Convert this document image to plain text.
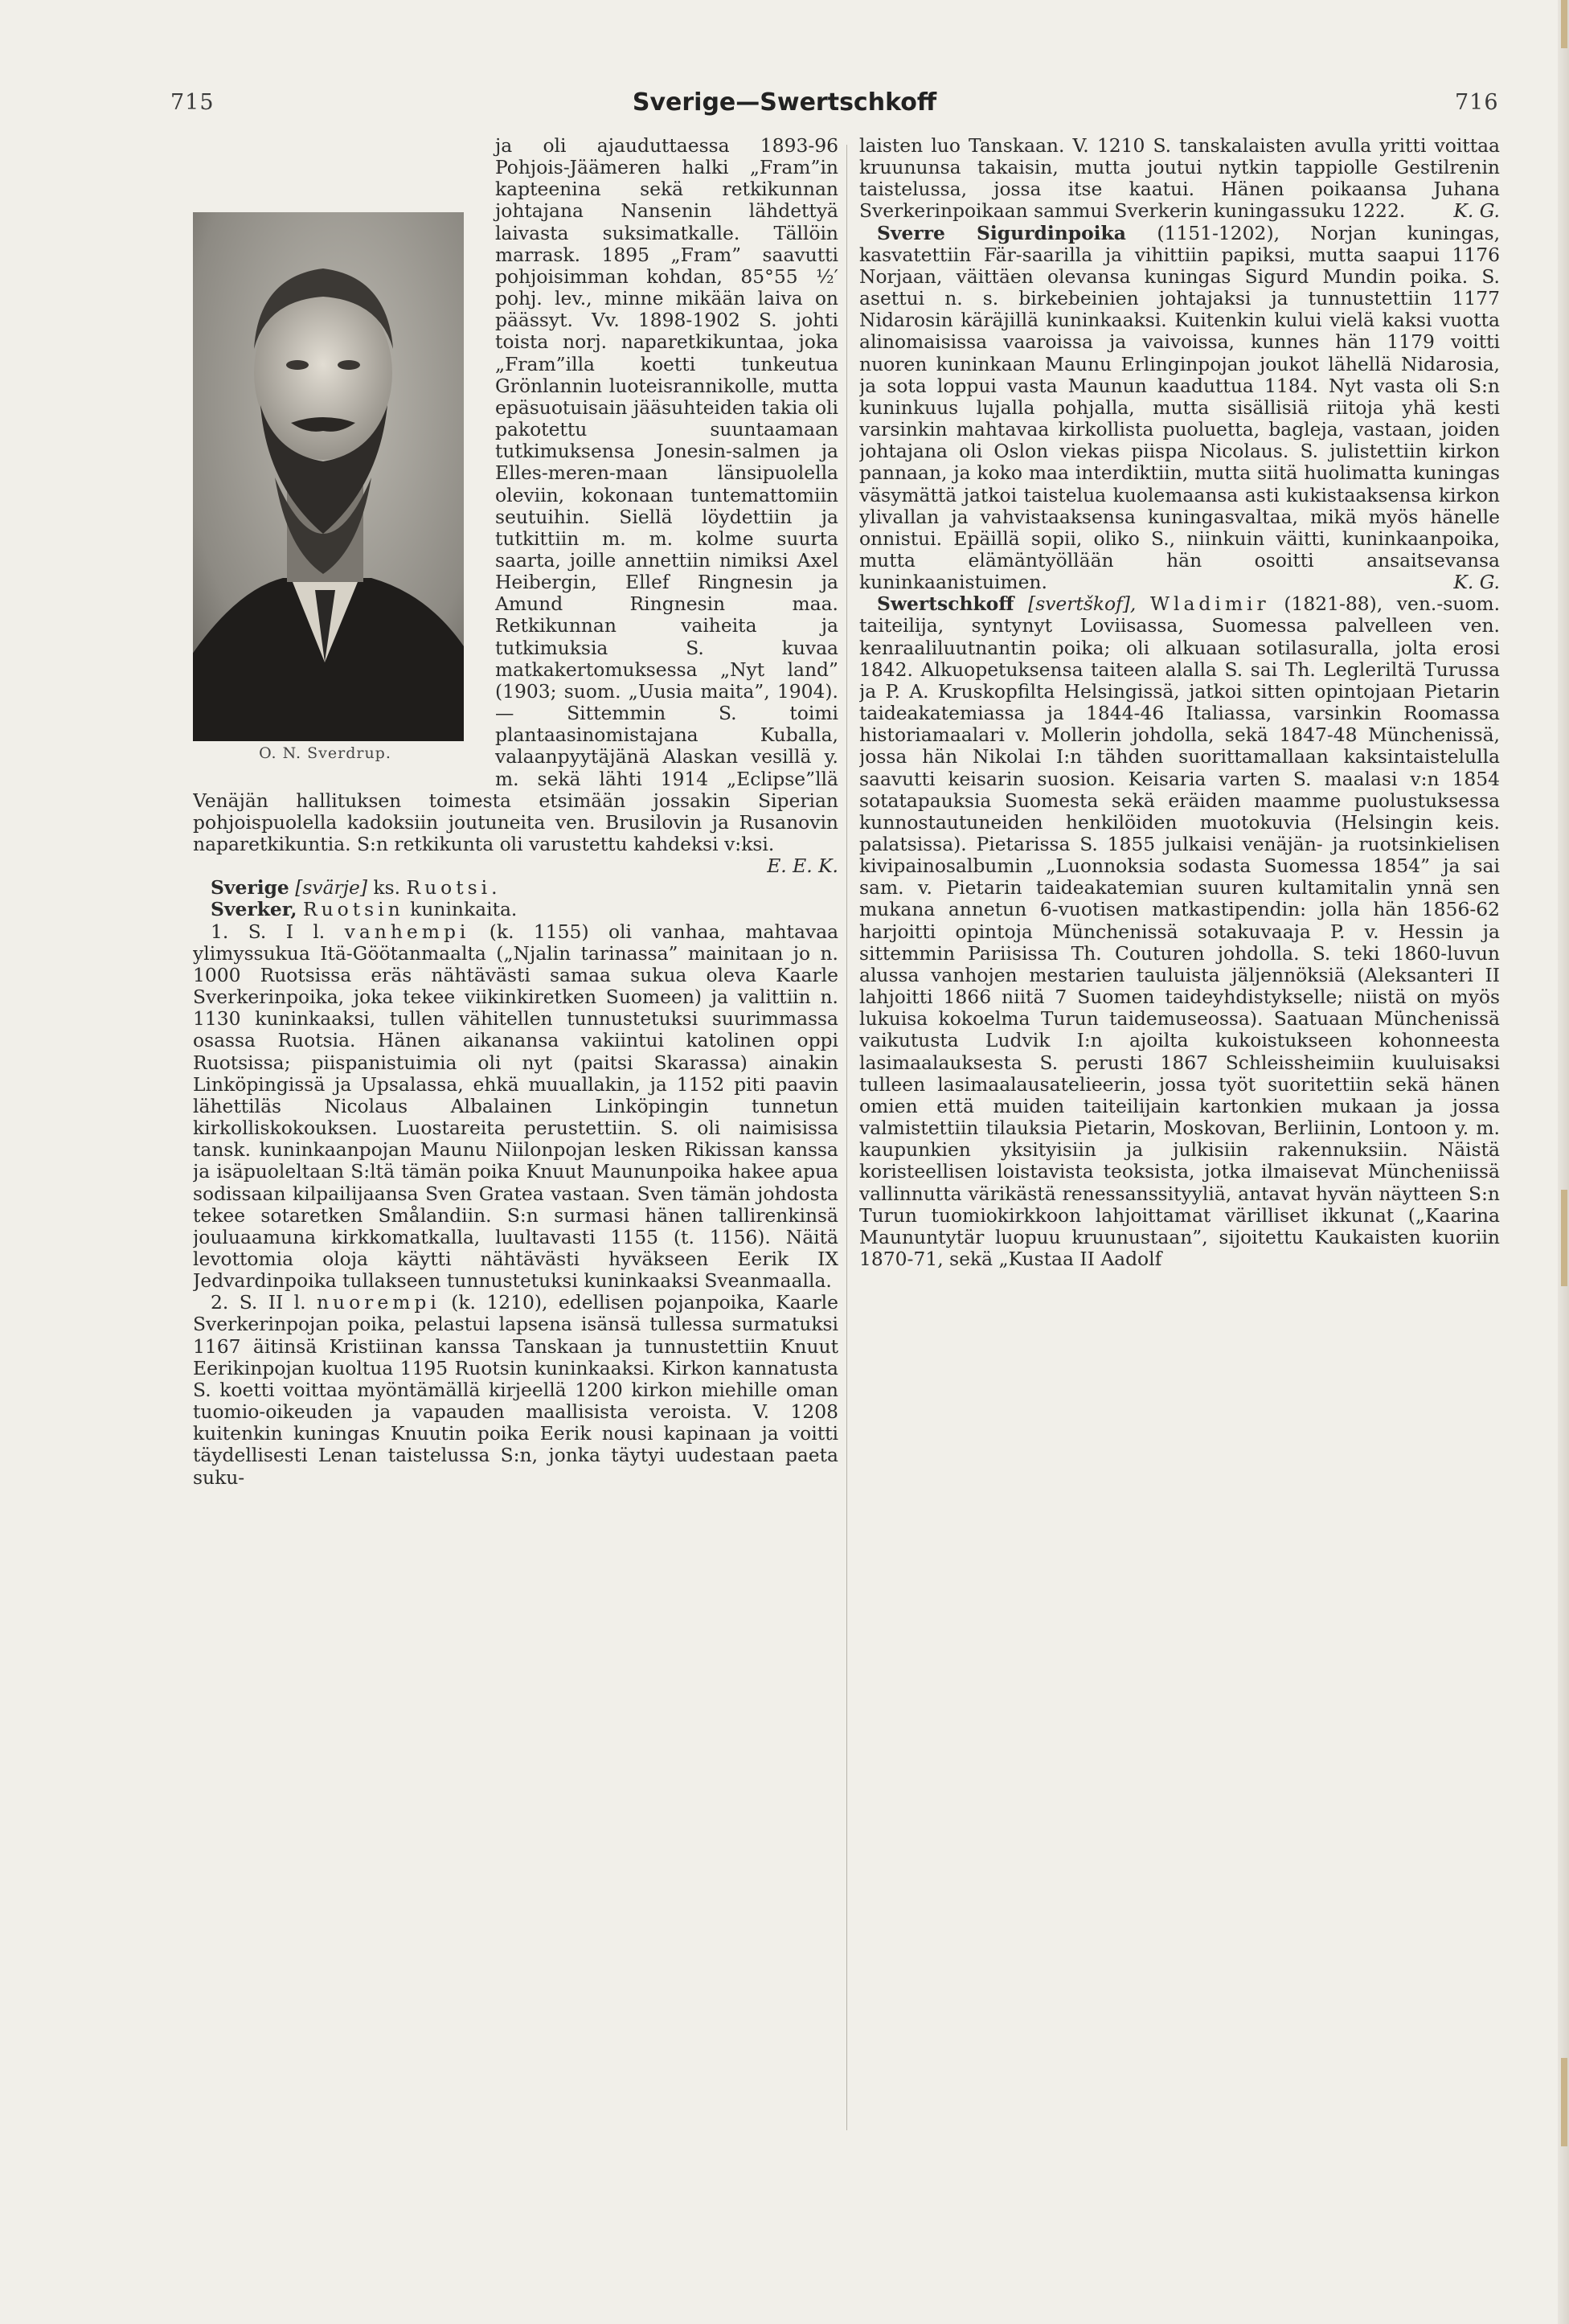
715	Sverige—Swertschkoff	716
O. N. Sverdrup.

ja oli ajauduttaessa 1893-96 Pohjois-Jäämeren halki „Fram”in kapteenina sekä retkikunnan johtajana Nansenin lähdettyä laivasta suksimatkalle. Tällöin marrask. 1895 „Fram” saavutti pohjoisimman kohdan, 85°55 ½′ pohj. lev., minne mikään laiva on päässyt. Vv. 1898-1902 S. johti toista norj. naparetkikuntaa, joka „Fram”illa koetti tunkeutua Grönlannin luoteisrannikolle, mutta epäsuotuisain jääsuhteiden takia oli pakotettu suuntaamaan tutkimuksensa Jonesin-salmen ja Elles-meren-maan länsipuolella oleviin, kokonaan tuntemattomiin seutuihin. Siellä löydettiin ja tutkittiin m. m. kolme suurta saarta, joille annettiin nimiksi Axel Heibergin, Ellef Ringnesin ja Amund Ringnesin maa. Retkikunnan vaiheita ja tutkimuksia S. kuvaa matkakertomuksessa „Nyt land” (1903; suom. „Uusia maita”, 1904). — Sittemmin S. toimi plantaasinomistajana Kuballa, valaanpyytäjänä Alaskan vesillä y. m. sekä lähti 1914 „Eclipse”llä Venäjän hallituksen toimesta etsimään jossakin Siperian pohjoispuolella kadoksiin joutuneita ven. Brusilovin ja Rusanovin naparetkikuntia. S:n retkikunta oli varustettu kahdeksi v:ksi.
E. E. K.

Sverige [svärje] ks. Ruotsi.

Sverker, Ruotsin kuninkaita.

1. S. I l. vanhempi (k. 1155) oli vanhaa, mahtavaa ylimyssukua Itä-Göötanmaalta („Njalin tarinassa” mainitaan jo n. 1000 Ruotsissa eräs nähtävästi samaa sukua oleva Kaarle Sverkerinpoika, joka tekee viikinkiretken Suomeen) ja valittiin n. 1130 kuninkaaksi, tullen vähitellen tunnustetuksi suurimmassa osassa Ruotsia. Hänen aikanansa vakiintui katolinen oppi Ruotsissa; piispanistuimia oli nyt (paitsi Skarassa) ainakin Linköpingissä ja Upsalassa, ehkä muuallakin, ja 1152 piti paavin lähettiläs Nicolaus Albalainen Linköpingin tunnetun kirkolliskokouksen. Luostareita perustettiin. S. oli naimisissa tansk. kuninkaanpojan Maunu Niilonpojan lesken Rikissan kanssa ja isäpuoleltaan S:ltä tämän poika Knuut Maununpoika hakee apua sodissaan kilpailijaansa Sven Gratea vastaan. Sven tämän johdosta tekee sotaretken Smålandiin. S:n surmasi hänen tallirenkinsä jouluaamuna kirkkomatkalla, luultavasti 1155 (t. 1156). Näitä levottomia oloja käytti nähtävästi hyväkseen Eerik IX Jedvardinpoika tullakseen tunnustetuksi kuninkaaksi Sveanmaalla.

2. S. II l. nuorempi (k. 1210), edellisen pojanpoika, Kaarle Sverkerinpojan poika, pelastui lapsena isänsä tullessa surmatuksi 1167 äitinsä Kristiinan kanssa Tanskaan ja tunnustettiin Knuut Eerikinpojan kuoltua 1195 Ruotsin kuninkaaksi. Kirkon kannatusta S. koetti voittaa myöntämällä kirjeellä 1200 kirkon miehille oman tuomio-oikeuden ja vapauden maallisista veroista. V. 1208 kuitenkin kuningas Knuutin poika Eerik nousi kapinaan ja voitti täydellisesti Lenan taistelussa S:n, jonka täytyi uudestaan paeta suku-

laisten luo Tanskaan. V. 1210 S. tanskalaisten avulla yritti voittaa kruununsa takaisin, mutta joutui nytkin tappiolle Gestilrenin taistelussa, jossa itse kaatui. Hänen poikaansa Juhana Sverkerinpoikaan sammui Sverkerin kuningassuku 1222.	K. G.

Sverre Sigurdinpoika (1151-1202), Norjan kuningas, kasvatettiin Fär-saarilla ja vihittiin papiksi, mutta saapui 1176 Norjaan, väittäen olevansa kuningas Sigurd Mundin poika. S. asettui n. s. birkebeinien johtajaksi ja tunnustettiin 1177 Nidarosin käräjillä kuninkaaksi. Kuitenkin kului vielä kaksi vuotta alinomaisissa vaaroissa ja vaivoissa, kunnes hän 1179 voitti nuoren kuninkaan Maunu Erlinginpojan joukot lähellä Nidarosia, ja sota loppui vasta Maunun kaaduttua 1184. Nyt vasta oli S:n kuninkuus lujalla pohjalla, mutta sisällisiä riitoja yhä kesti varsinkin mahtavaa kirkollista puoluetta, bagleja, vastaan, joiden johtajana oli Oslon viekas piispa Nicolaus. S. julistettiin kirkon pannaan, ja koko maa interdiktiin, mutta siitä huolimatta kuningas väsymättä jatkoi taistelua kuolemaansa asti kukistaaksensa kirkon ylivallan ja vahvistaaksensa kuningasvaltaa, mikä myös hänelle onnistui. Epäillä sopii, oliko S., niinkuin väitti, kuninkaanpoika, mutta elämäntyöllään hän osoitti ansaitsevansa kuninkaanistuimen.	K. G.

Swertschkoff [svertškof], Wladimir (1821-88), ven.-suom. taiteilija, syntynyt Loviisassa, Suomessa palvelleen ven. kenraaliluutnantin poika; oli alkuaan sotilasuralla, jolta erosi 1842. Alkuopetuksensa taiteen alalla S. sai Th. Legleriltä Turussa ja P. A. Kruskopfilta Helsingissä, jatkoi sitten opintojaan Pietarin taideakatemiassa ja 1844-46 Italiassa, varsinkin Roomassa historiamaalari v. Mollerin johdolla, sekä 1847-48 Münchenissä, jossa hän Nikolai I:n tähden suorittamallaan kaksintaistelulla saavutti keisarin suosion. Keisaria varten S. maalasi v:n 1854 sotatapauksia Suomesta sekä eräiden maamme puolustuksessa kunnostautuneiden henkilöiden muotokuvia (Helsingin keis. palatsissa). Pietarissa S. 1855 julkaisi venäjän- ja ruotsinkielisen kivipainosalbumin „Luonnoksia sodasta Suomessa 1854” ja sai sam. v. Pietarin taideakatemian suuren kultamitalin ynnä sen mukana annetun 6-vuotisen matkastipendin: jolla hän 1856-62 harjoitti opintoja Münchenissä sotakuvaaja P. v. Hessin ja sittemmin Pariisissa Th. Couturen johdolla. S. teki 1860-luvun alussa vanhojen mestarien tauluista jäljennöksiä (Aleksanteri II lahjoitti 1866 niitä 7 Suomen taideyhdistykselle; niistä on myös lukuisa kokoelma Turun taidemuseossa). Saatuaan Münchenissä vaikutusta Ludvik I:n ajoilta kukoistukseen kohonneesta lasimaalauksesta S. perusti 1867 Schleissheimiin kuuluisaksi tulleen lasimaalausatelieerin, jossa työt suoritettiin sekä hänen omien että muiden taiteilijain kartonkien mukaan ja jossa valmistettiin tilauksia Pietarin, Moskovan, Berliinin, Lontoon y. m. kaupunkien yksityisiin ja julkisiin rakennuksiin. Näistä koristeellisen loistavista teoksista, jotka ilmaisevat Müncheniissä vallinnutta värikästä renessanssityyliä, antavat hyvän näytteen S:n Turun tuomiokirkkoon lahjoittamat värilliset ikkunat („Kaarina Maununtytär luopuu kruunustaan”, sijoitettu Kaukaisten kuoriin 1870-71, sekä „Kustaa II Aadolf
